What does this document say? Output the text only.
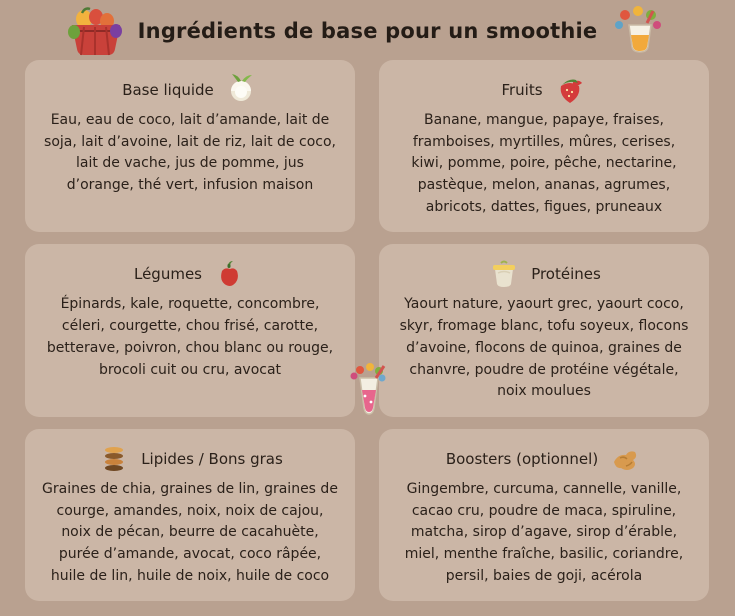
Ingrédients de base pour un smoothie
Base liquide
Eau, eau de coco, lait d’amande, lait de soja, lait d’avoine, lait de riz, lait de coco, lait de vache, jus de pomme, jus d’orange, thé vert, infusion maison
Fruits
Banane, mangue, papaye, fraises, framboises, myrtilles, mûres, cerises, kiwi, pomme, poire, pêche, nectarine, pastèque, melon, ananas, agrumes, abricots, dattes, figues, pruneaux
Légumes
Épinards, kale, roquette, concombre, céleri, courgette, chou frisé, carotte, betterave, poivron, chou blanc ou rouge, brocoli cuit ou cru, avocat
Protéines
Yaourt nature, yaourt grec, yaourt coco, skyr, fromage blanc, tofu soyeux, flocons d’avoine, flocons de quinoa, graines de chanvre, poudre de protéine végétale, noix moulues
Lipides / Bons gras
Graines de chia, graines de lin, graines de courge, amandes, noix, noix de cajou, noix de pécan, beurre de cacahuète, purée d’amande, avocat, coco râpée, huile de lin, huile de noix, huile de coco
Boosters (optionnel)
Gingembre, curcuma, cannelle, vanille, cacao cru, poudre de maca, spiruline, matcha, sirop d’agave, sirop d’érable, miel, menthe fraîche, basilic, coriandre, persil, baies de goji, acérola
